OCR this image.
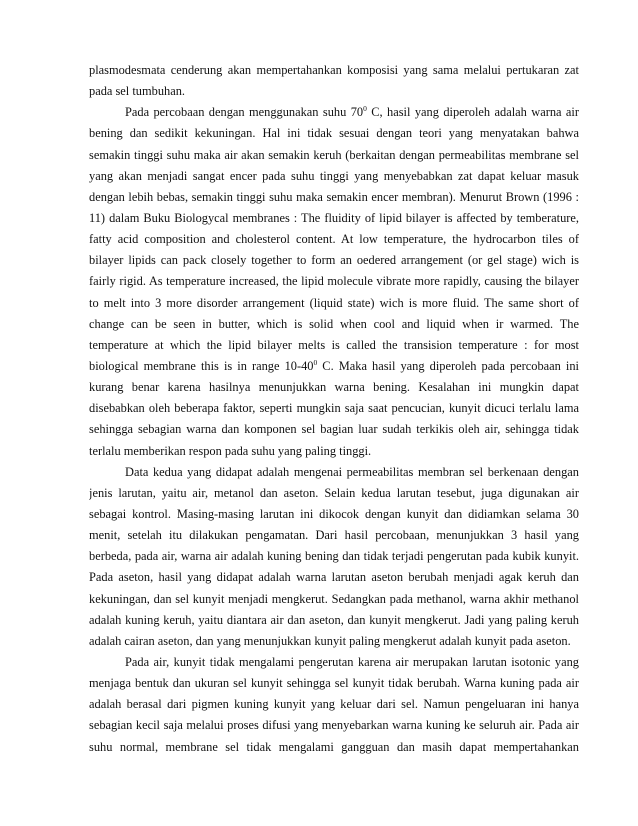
plasmodesmata cenderung akan mempertahankan komposisi yang sama melalui pertukaran zat
pada sel tumbuhan.
Pada percobaan dengan menggunakan suhu $70^0$ C, hasil yang diperoleh adalah warna air
bening dan sedikit kekuningan. Hal ini tidak sesuai dengan teori yang menyatakan bahwa
semakin tinggi suhu maka air akan semakin keruh (berkaitan dengan permeabilitas membrane sel
yang akan menjadi sangat encer pada suhu tinggi yang menyebabkan zat dapat keluar masuk
dengan lebih bebas, semakin tinggi suhu maka semakin encer membran). Menurut Brown (1996 :
11) dalam Buku Biologycal membranes : The fluidity of lipid bilayer is affected by temberature,
fatty acid composition and cholesterol content. At low temperature, the hydrocarbon tiles of
bilayer lipids can pack closely together to form an oedered arrangement (or gel stage) wich is
fairly rigid. As temperature increased, the lipid molecule vibrate more rapidly, causing the bilayer
to melt into 3 more disorder arrangement (liquid state) wich is more fluid. The same short of
change can be seen in butter, which is solid when cool and liquid when ir warmed. The
temperature at which the lipid bilayer melts is called the transision temperature : for most
biological membrane this is in range $10-40^0$ C. Maka hasil yang diperoleh pada percobaan ini
kurang benar karena hasilnya menunjukkan warna bening. Kesalahan ini mungkin dapat
disebabkan oleh beberapa faktor, seperti mungkin saja saat pencucian, kunyit dicuci terlalu lama
sehingga sebagian warna dan komponen sel bagian luar sudah terkikis oleh air, sehingga tidak
terlalu memberikan respon pada suhu yang paling tinggi.
Data kedua yang didapat adalah mengenai permeabilitas membran sel berkenaan dengan
jenis larutan, yaitu air, metanol dan aseton. Selain kedua larutan tesebut, juga digunakan air
sebagai kontrol. Masing-masing larutan ini dikocok dengan kunyit dan didiamkan selama 30
menit, setelah itu dilakukan pengamatan. Dari hasil percobaan, menunjukkan 3 hasil yang
berbeda, pada air, warna air adalah kuning bening dan tidak terjadi pengerutan pada kubik kunyit.
Pada aseton, hasil yang didapat adalah warna larutan aseton berubah menjadi agak keruh dan
kekuningan, dan sel kunyit menjadi mengkerut. Sedangkan pada methanol, warna akhir methanol
adalah kuning keruh, yaitu diantara air dan aseton, dan kunyit mengkerut. Jadi yang paling keruh
adalah cairan aseton, dan yang menunjukkan kunyit paling mengkerut adalah kunyit pada aseton.
Pada air, kunyit tidak mengalami pengerutan karena air merupakan larutan isotonic yang
menjaga bentuk dan ukuran sel kunyit sehingga sel kunyit tidak berubah. Warna kuning pada air
adalah berasal dari pigmen kuning kunyit yang keluar dari sel. Namun pengeluaran ini hanya
sebagian kecil saja melalui proses difusi yang menyebarkan warna kuning ke seluruh air. Pada air
suhu normal, membrane sel tidak mengalami gangguan dan masih dapat mempertahankan
